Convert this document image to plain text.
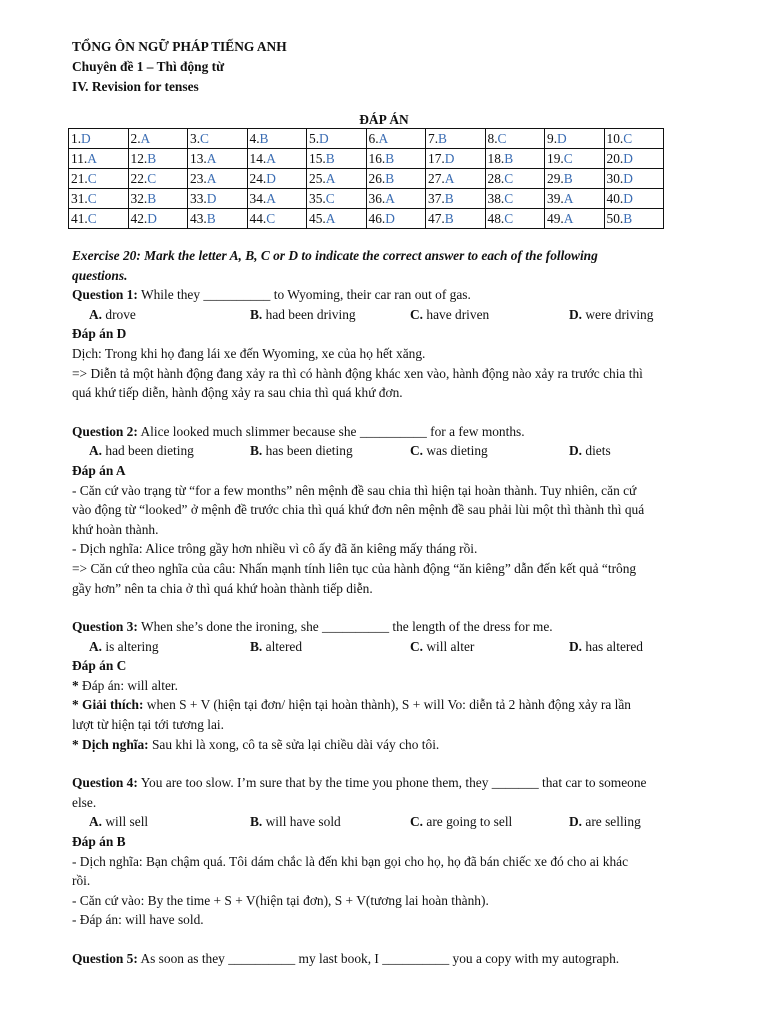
TỔNG ÔN NGỮ PHÁP TIẾNG ANH
Chuyên đề 1 – Thì động từ
IV. Revision for tenses
ĐÁP ÁN
1.D	2.A	3.C	4.B	5.D	6.A	7.B	8.C	9.D	10.C
11.A	12.B	13.A	14.A	15.B	16.B	17.D	18.B	19.C	20.D
21.C	22.C	23.A	24.D	25.A	26.B	27.A	28.C	29.B	30.D
31.C	32.B	33.D	34.A	35.C	36.A	37.B	38.C	39.A	40.D
41.C	42.D	43.B	44.C	45.A	46.D	47.B	48.C	49.A	50.B
Exercise 20: Mark the letter A, B, C or D to indicate the correct answer to each of the following
questions.
Question 1: While they __________ to Wyoming, their car ran out of gas.
A. drove	B. had been driving	C. have driven	D. were driving
Đáp án D
Dịch: Trong khi họ đang lái xe đến Wyoming, xe của họ hết xăng.
=> Diễn tả một hành động đang xảy ra thì có hành động khác xen vào, hành động nào xảy ra trước chia thì
quá khứ tiếp diễn, hành động xảy ra sau chia thì quá khứ đơn.
Question 2: Alice looked much slimmer because she __________ for a few months.
A. had been dieting	B. has been dieting	C. was dieting	D. diets
Đáp án A
- Căn cứ vào trạng từ “for a few months” nên mệnh đề sau chia thì hiện tại hoàn thành. Tuy nhiên, căn cứ
vào động từ “looked” ở mệnh đề trước chia thì quá khứ đơn nên mệnh đề sau phải lùi một thì thành thì quá
khứ hoàn thành.
- Dịch nghĩa: Alice trông gầy hơn nhiều vì cô ấy đã ăn kiêng mấy tháng rồi.
=> Căn cứ theo nghĩa của câu: Nhấn mạnh tính liên tục của hành động “ăn kiêng” dẫn đến kết quả “trông
gầy hơn” nên ta chia ở thì quá khứ hoàn thành tiếp diễn.
Question 3: When she’s done the ironing, she __________ the length of the dress for me.
A. is altering	B. altered	C. will alter	D. has altered
Đáp án C
* Đáp án: will alter.
* Giải thích: when S + V (hiện tại đơn/ hiện tại hoàn thành), S + will Vo: diễn tả 2 hành động xảy ra lần
lượt từ hiện tại tới tương lai.
* Dịch nghĩa: Sau khi là xong, cô ta sẽ sửa lại chiều dài váy cho tôi.
Question 4: You are too slow. I’m sure that by the time you phone them, they _______ that car to someone
else.
A. will sell	B. will have sold	C. are going to sell	D. are selling
Đáp án B
- Dịch nghĩa: Bạn chậm quá. Tôi dám chắc là đến khi bạn gọi cho họ, họ đã bán chiếc xe đó cho ai khác
rồi.
- Căn cứ vào: By the time + S + V(hiện tại đơn), S + V(tương lai hoàn thành).
- Đáp án: will have sold.
Question 5: As soon as they __________ my last book, I __________ you a copy with my autograph.
